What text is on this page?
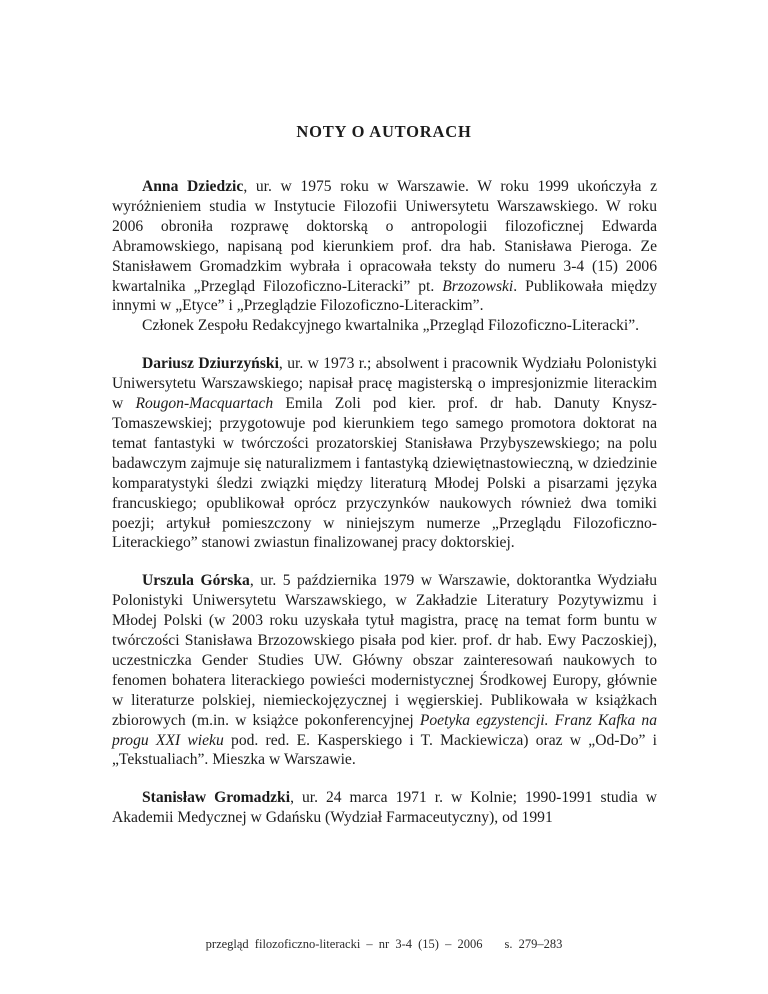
NOTY O AUTORACH

Anna Dziedzic, ur. w 1975 roku w Warszawie. W roku 1999 ukończyła z wyróżnieniem studia w Instytucie Filozofii Uniwersytetu Warszawskiego. W roku 2006 obroniła rozprawę doktorską o antropologii filozoficznej Edwarda Abramowskiego, napisaną pod kierunkiem prof. dra hab. Stanisława Pieroga. Ze Stanisławem Gromadzkim wybrała i opracowała teksty do numeru 3-4 (15) 2006 kwartalnika „Przegląd Filozoficzno-Literacki” pt. Brzozowski. Publikowała między innymi w „Etyce” i „Przeglądzie Filozoficzno-Literackim”.

Członek Zespołu Redakcyjnego kwartalnika „Przegląd Filozoficzno-Literacki”.

Dariusz Dziurzyński, ur. w 1973 r.; absolwent i pracownik Wydziału Polonistyki Uniwersytetu Warszawskiego; napisał pracę magisterską o impresjonizmie literackim w Rougon-Macquartach Emila Zoli pod kier. prof. dr hab. Danuty Knysz-Tomaszewskiej; przygotowuje pod kierunkiem tego samego promotora doktorat na temat fantastyki w twórczości prozatorskiej Stanisława Przybyszewskiego; na polu badawczym zajmuje się naturalizmem i fantastyką dziewiętnastowieczną, w dziedzinie komparatystyki śledzi związki między literaturą Młodej Polski a pisarzami języka francuskiego; opublikował oprócz przyczynków naukowych również dwa tomiki poezji; artykuł pomieszczony w niniejszym numerze „Przeglądu Filozoficzno-Literackiego” stanowi zwiastun finalizowanej pracy doktorskiej.

Urszula Górska, ur. 5 października 1979 w Warszawie, doktorantka Wydziału Polonistyki Uniwersytetu Warszawskiego, w Zakładzie Literatury Pozytywizmu i Młodej Polski (w 2003 roku uzyskała tytuł magistra, pracę na temat form buntu w twórczości Stanisława Brzozowskiego pisała pod kier. prof. dr hab. Ewy Paczoskiej), uczestniczka Gender Studies UW. Główny obszar zainteresowań naukowych to fenomen bohatera literackiego powieści modernistycznej Środkowej Europy, głównie w literaturze polskiej, niemieckojęzycznej i węgierskiej. Publikowała w książkach zbiorowych (m.in. w książce pokonferencyjnej Poetyka egzystencji. Franz Kafka na progu XXI wieku pod. red. E. Kasperskiego i T. Mackiewicza) oraz w „Od-Do” i „Tekstualiach”. Mieszka w Warszawie.

Stanisław Gromadzki, ur. 24 marca 1971 r. w Kolnie; 1990-1991 studia w Akademii Medycznej w Gdańsku (Wydział Farmaceutyczny), od 1991

przegląd filozoficzno-literacki – nr 3-4 (15) – 2006 s. 279–283
